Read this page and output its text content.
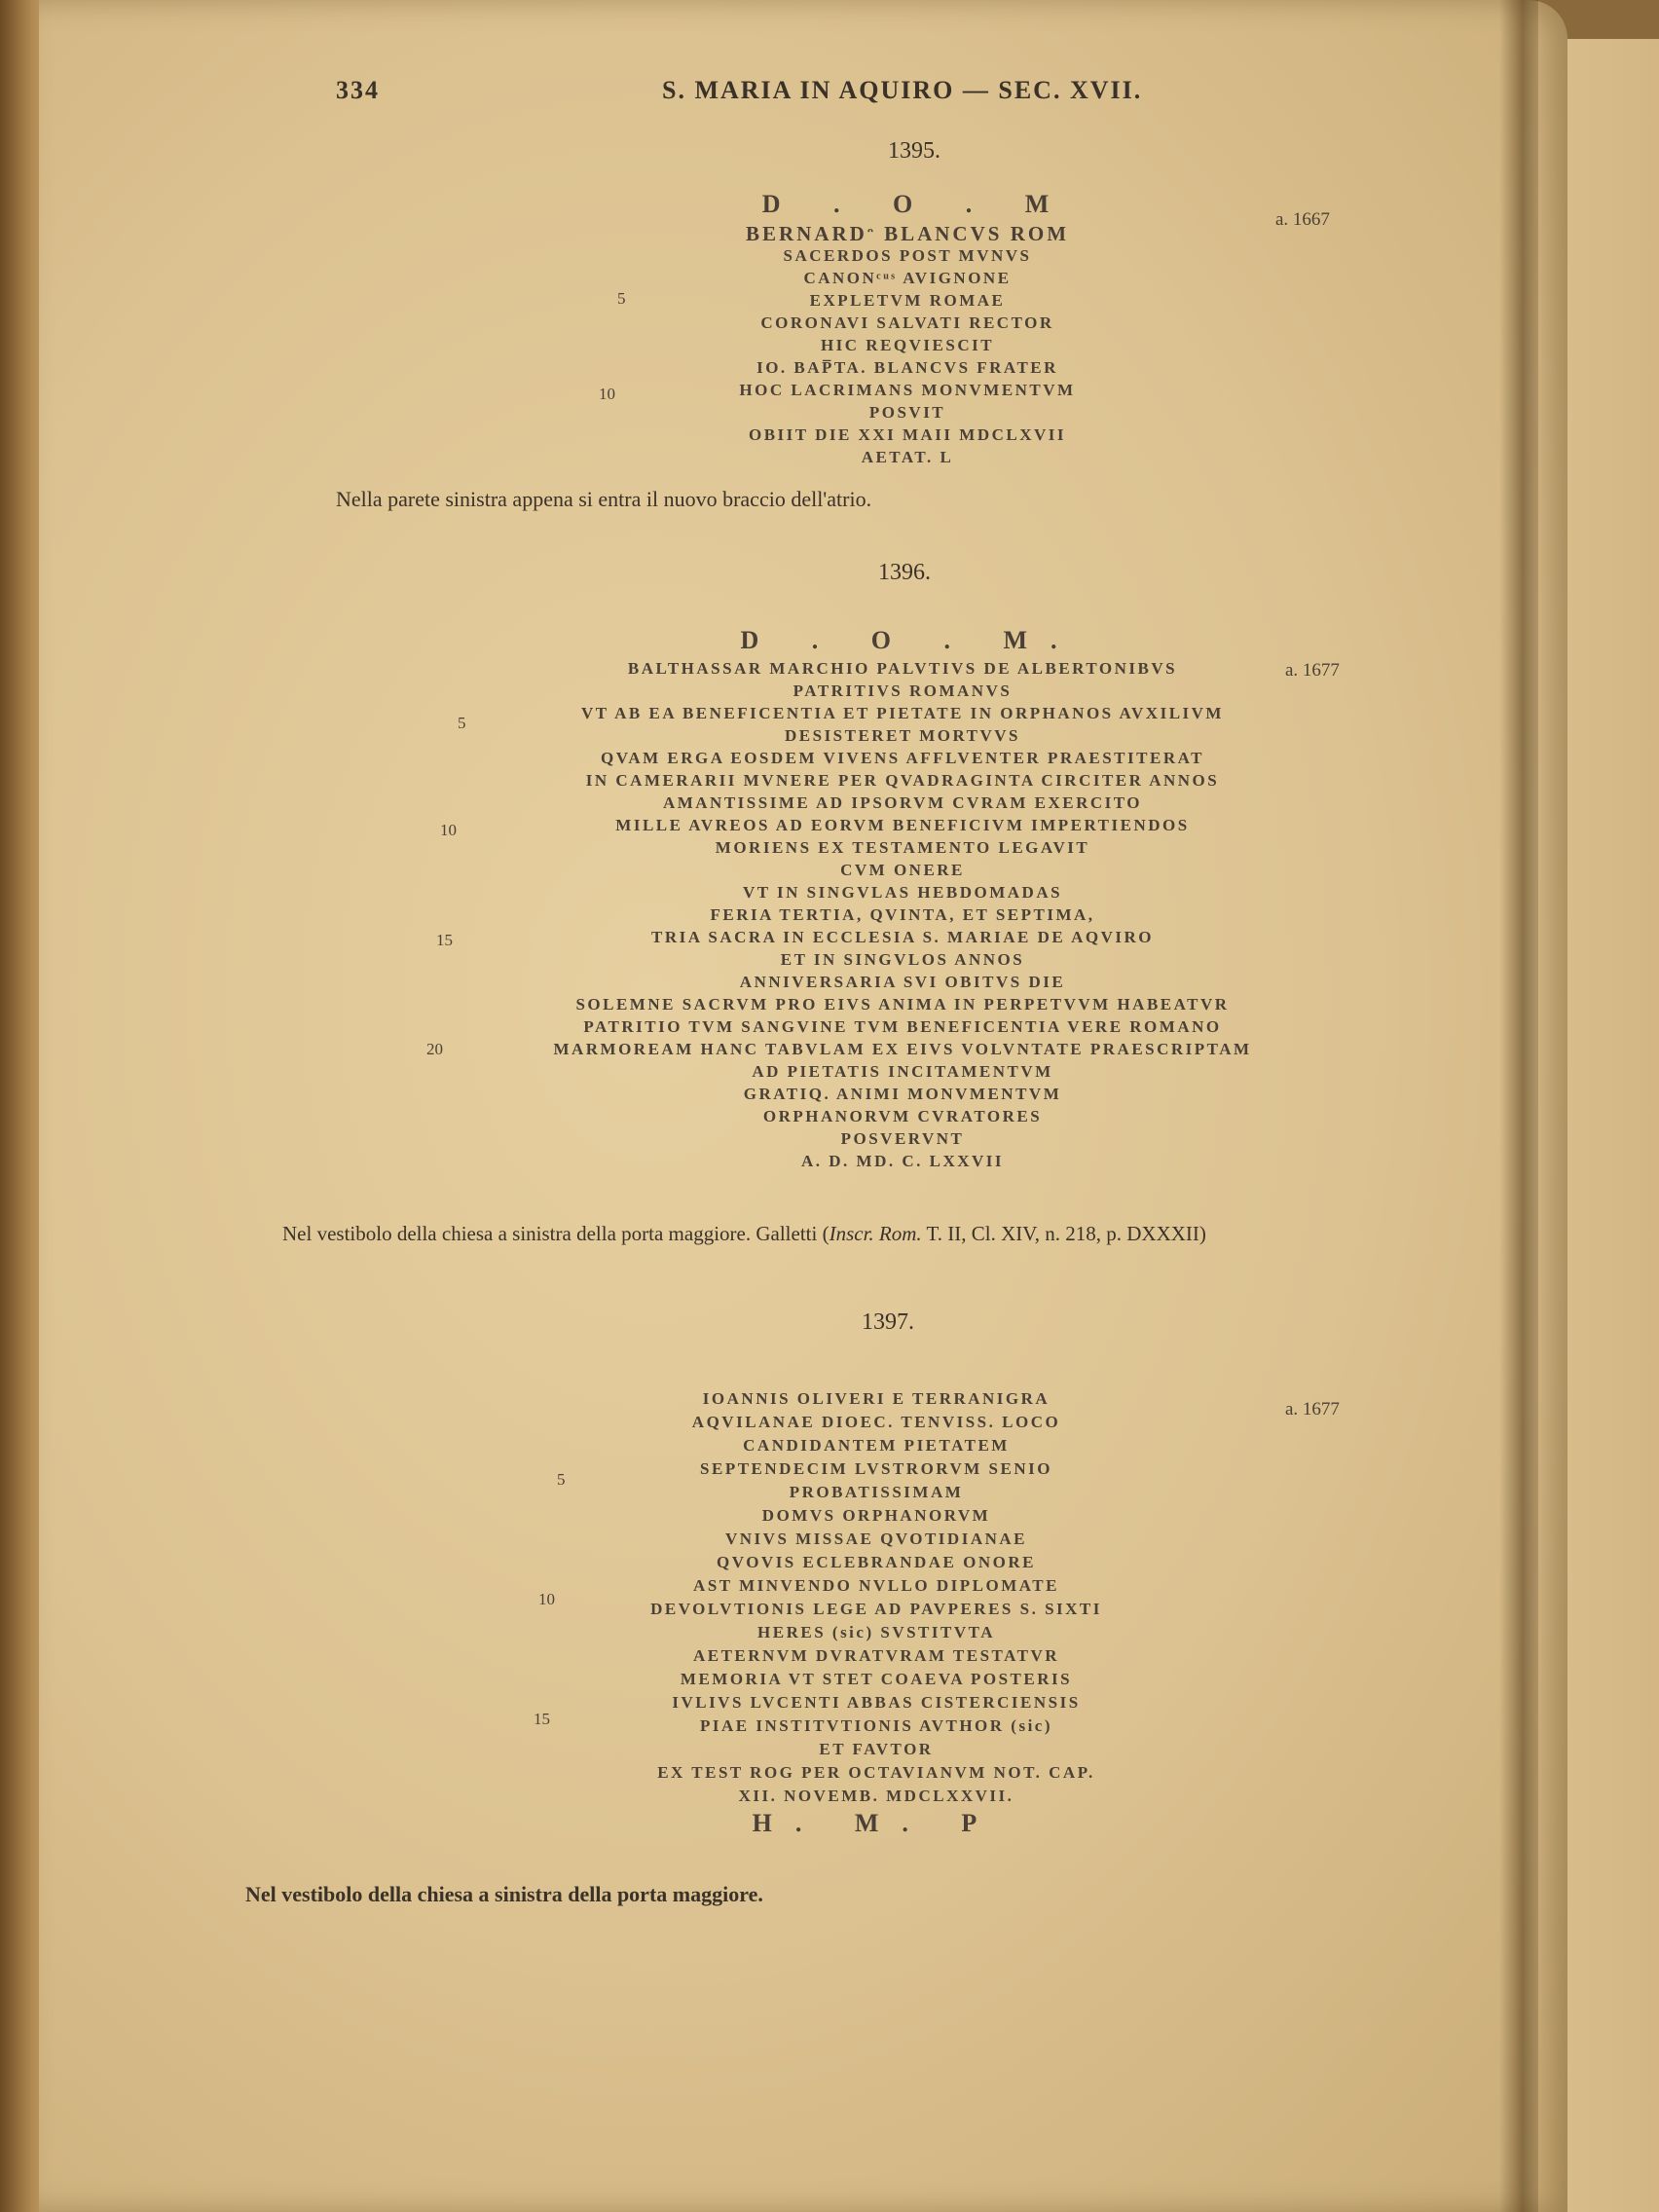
334	S. MARIA IN AQUIRO — SEC. XVII.
1395.
a. 1667
D . O . M
BERNARDᵔ BLANCVS ROM
SACERDOS POST MVNVS
CANONᶜᵘˢ AVIGNONE
EXPLETVM ROMAE
CORONAVI SALVATI RECTOR
HIC REQVIESCIT
IO. BAP̅TA. BLANCVS FRATER
HOC LACRIMANS MONVMENTVM
POSVIT
OBIIT DIE XXI MAII MDCLXVII
AETAT. L
5
10
Nella parete sinistra appena si entra il nuovo braccio dell'atrio.
1396.
a. 1677
D . O . M.
BALTHASSAR MARCHIO PALVTIVS DE ALBERTONIBVS
PATRITIVS ROMANVS
VT AB EA BENEFICENTIA ET PIETATE IN ORPHANOS AVXILIVM
DESISTERET MORTVVS
QVAM ERGA EOSDEM VIVENS AFFLVENTER PRAESTITERAT
IN CAMERARII MVNERE PER QVADRAGINTA CIRCITER ANNOS
AMANTISSIME AD IPSORVM CVRAM EXERCITO
MILLE AVREOS AD EORVM BENEFICIVM IMPERTIENDOS
MORIENS EX TESTAMENTO LEGAVIT
CVM ONERE
VT IN SINGVLAS HEBDOMADAS
FERIA TERTIA, QVINTA, ET SEPTIMA,
TRIA SACRA IN ECCLESIA S. MARIAE DE AQVIRO
ET IN SINGVLOS ANNOS
ANNIVERSARIA SVI OBITVS DIE
SOLEMNE SACRVM PRO EIVS ANIMA IN PERPETVVM HABEATVR
PATRITIO TVM SANGVINE TVM BENEFICENTIA VERE ROMANO
MARMOREAM HANC TABVLAM EX EIVS VOLVNTATE PRAESCRIPTAM
AD PIETATIS INCITAMENTVM
GRATIQ. ANIMI MONVMENTVM
ORPHANORVM CVRATORES
POSVERVNT
A. D. MD. C. LXXVII
5
10
15
20
Nel vestibolo della chiesa a sinistra della porta maggiore. Galletti (Inscr. Rom. T. II, Cl. XIV, n. 218, p. DXXXII)
1397.
a. 1677
IOANNIS OLIVERI E TERRANIGRA
AQVILANAE DIOEC. TENVISS. LOCO
CANDIDANTEM PIETATEM
SEPTENDECIM LVSTRORVM SENIO
PROBATISSIMAM
DOMVS ORPHANORVM
VNIVS MISSAE QVOTIDIANAE
QVOVIS ECLEBRANDAE ONORE
AST MINVENDO NVLLO DIPLOMATE
DEVOLVTIONIS LEGE AD PAVPERES S. SIXTI
HERES (sic) SVSTITVTA
AETERNVM DVRATVRAM TESTATVR
MEMORIA VT STET COAEVA POSTERIS
IVLIVS LVCENTI ABBAS CISTERCIENSIS
PIAE INSTITVTIONIS AVTHOR (sic)
ET FAVTOR
EX TEST ROG PER OCTAVIANVM NOT. CAP.
XII. NOVEMB. MDCLXXVII.
H. M. P
5
10
15
Nel vestibolo della chiesa a sinistra della porta maggiore.
